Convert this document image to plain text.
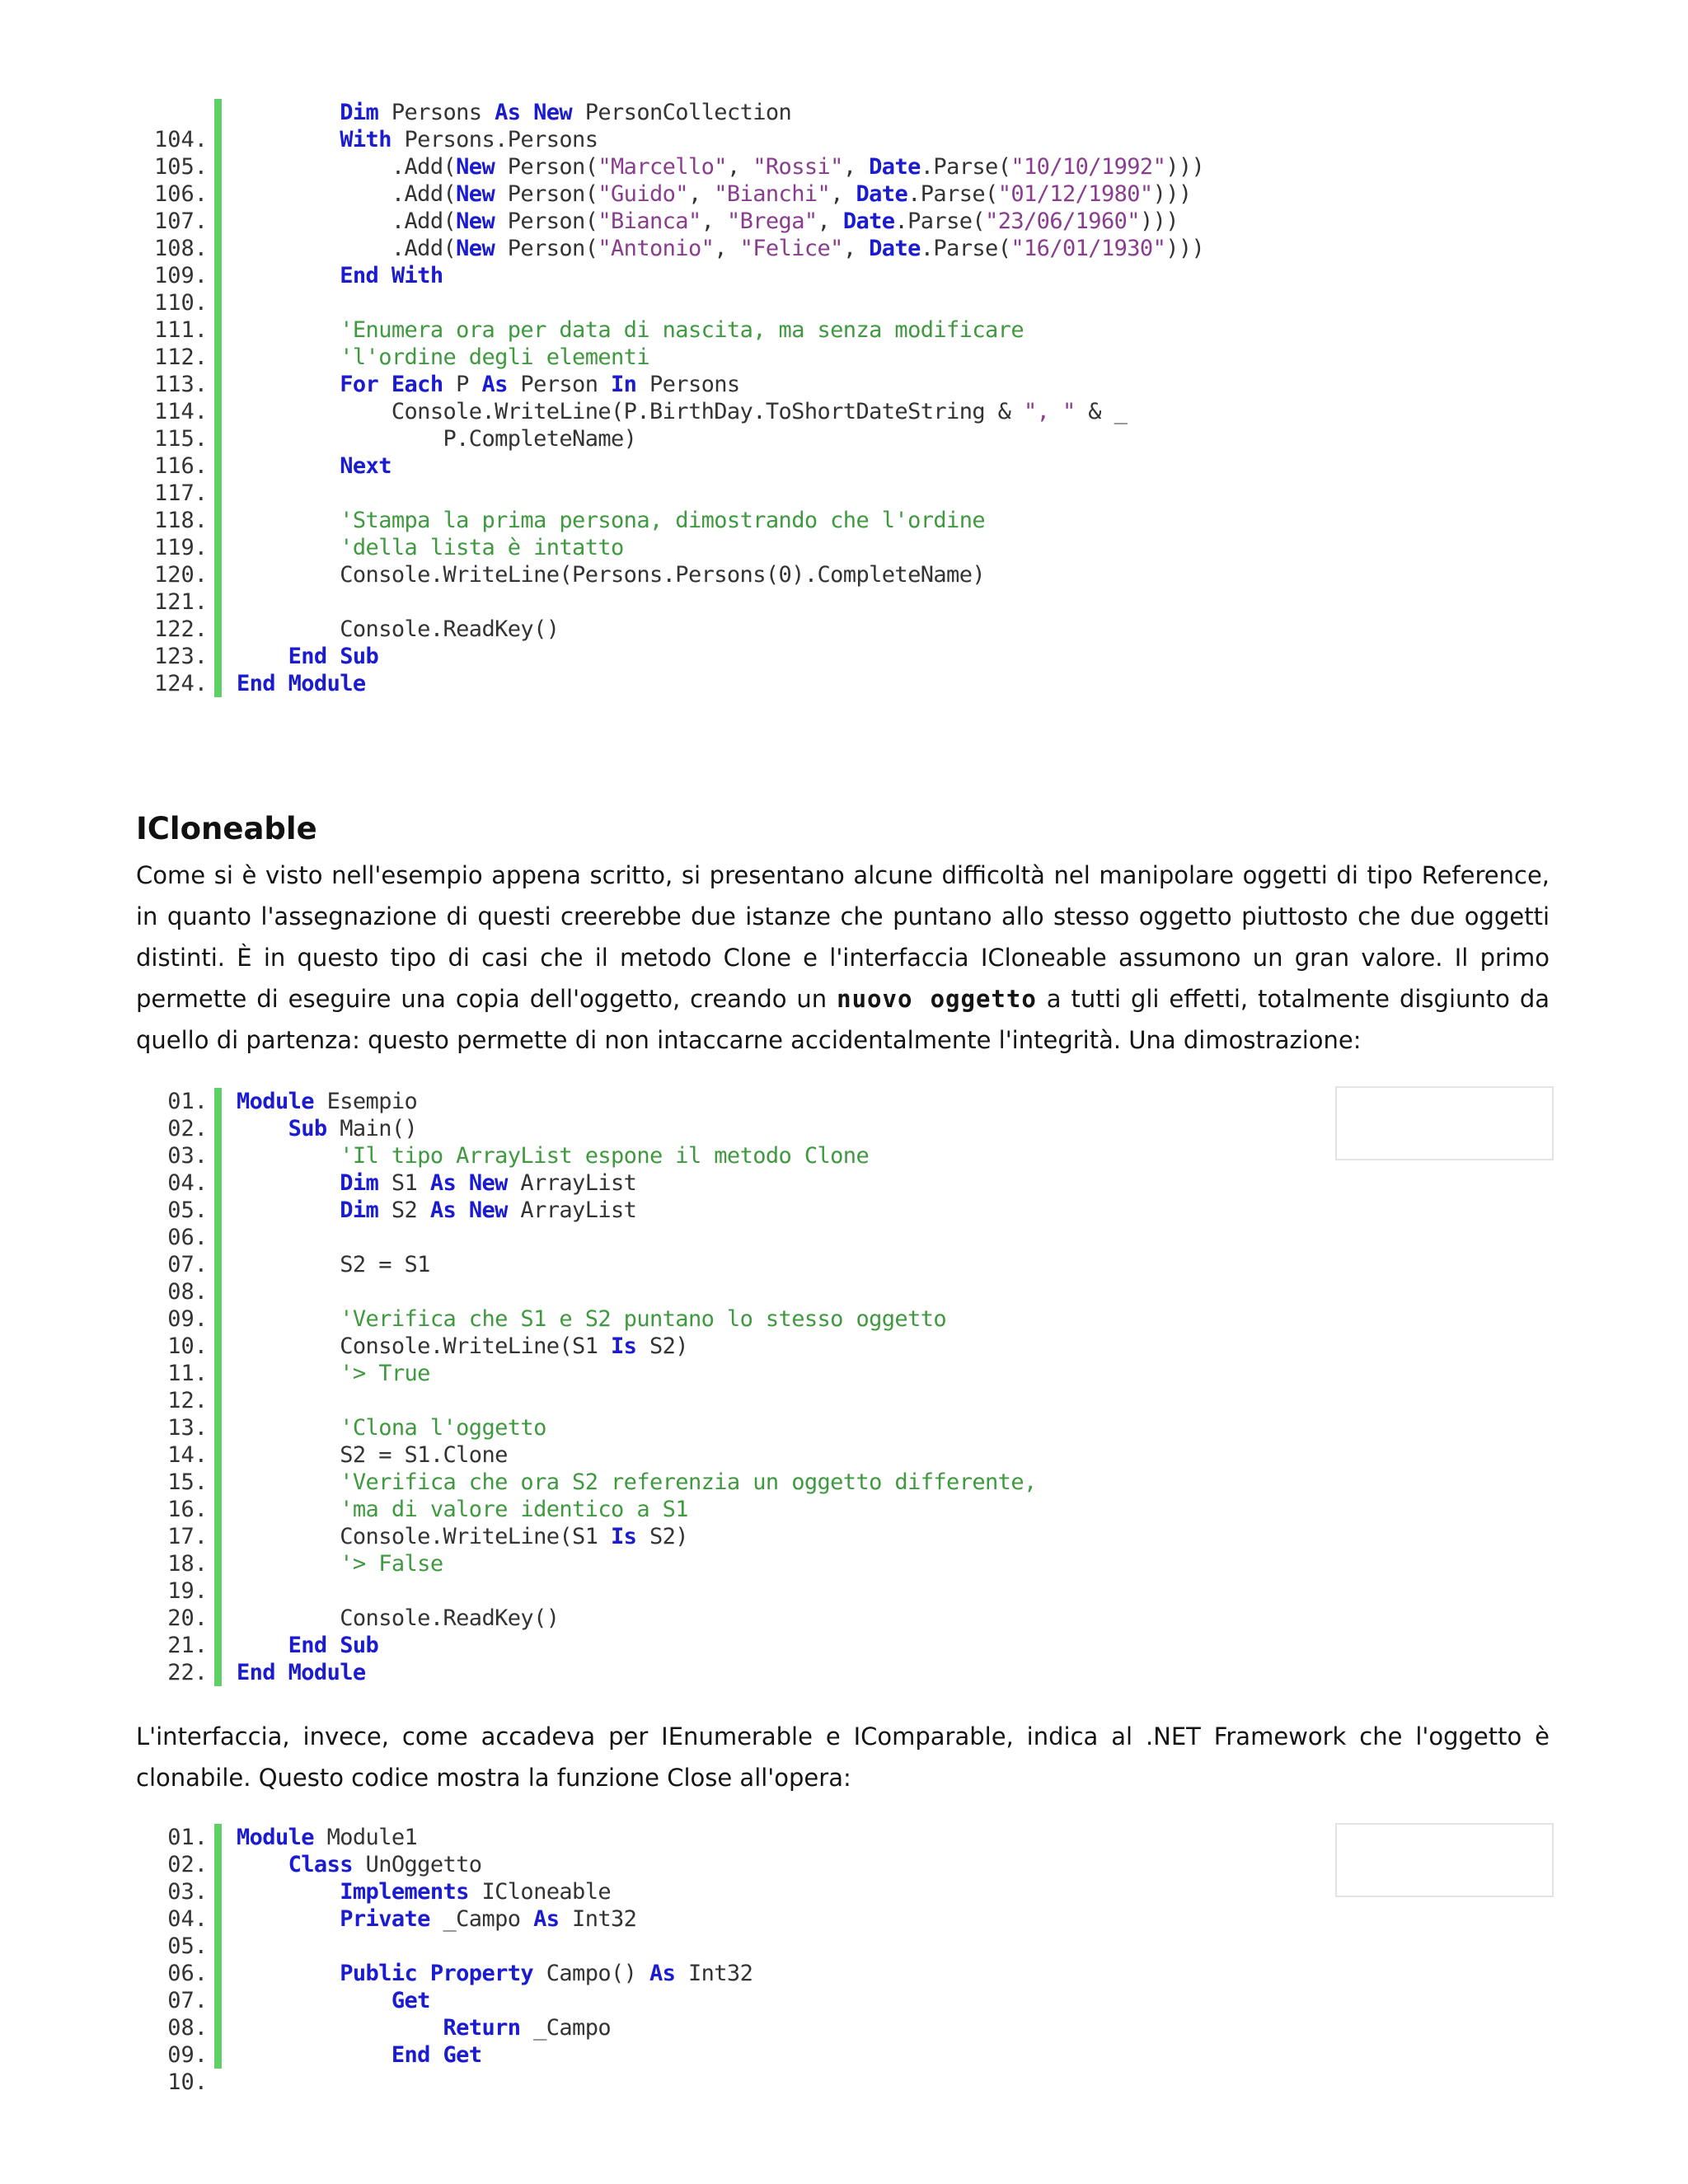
Dim Persons As New PersonCollection
104.	With Persons.Persons
105.	.Add(New Person("Marcello", "Rossi", Date.Parse("10/10/1992")))
106.	.Add(New Person("Guido", "Bianchi", Date.Parse("01/12/1980")))
107.	.Add(New Person("Bianca", "Brega", Date.Parse("23/06/1960")))
108.	.Add(New Person("Antonio", "Felice", Date.Parse("16/01/1930")))
109.	End With
110.
111.	'Enumera ora per data di nascita, ma senza modificare
112.	'l'ordine degli elementi
113.	For Each P As Person In Persons
114.	Console.WriteLine(P.BirthDay.ToShortDateString & ", " & _
115.	P.CompleteName)
116.	Next
117.
118.	'Stampa la prima persona, dimostrando che l'ordine
119.	'della lista è intatto
120.	Console.WriteLine(Persons.Persons(0).CompleteName)
121.
122.	Console.ReadKey()
123.	End Sub
124.	End Module
ICloneable

Come si è visto nell'esempio appena scritto, si presentano alcune difficoltà nel manipolare oggetti di tipo Reference, in quanto l'assegnazione di questi creerebbe due istanze che puntano allo stesso oggetto piuttosto che due oggetti distinti. È in questo tipo di casi che il metodo Clone e l'interfaccia ICloneable assumono un gran valore. Il primo permette di eseguire una copia dell'oggetto, creando un nuovo oggetto a tutti gli effetti, totalmente disgiunto da quello di partenza: questo permette di non intaccarne accidentalmente l'integrità. Una dimostrazione:

01.	Module Esempio
02.	Sub Main()
03.	'Il tipo ArrayList espone il metodo Clone
04.	Dim S1 As New ArrayList
05.	Dim S2 As New ArrayList
06.
07.	S2 = S1
08.
09.	'Verifica che S1 e S2 puntano lo stesso oggetto
10.	Console.WriteLine(S1 Is S2)
11.	'> True
12.
13.	'Clona l'oggetto
14.	S2 = S1.Clone
15.	'Verifica che ora S2 referenzia un oggetto differente,
16.	'ma di valore identico a S1
17.	Console.WriteLine(S1 Is S2)
18.	'> False
19.
20.	Console.ReadKey()
21.	End Sub
22.	End Module

L'interfaccia, invece, come accadeva per IEnumerable e IComparable, indica al .NET Framework che l'oggetto è clonabile. Questo codice mostra la funzione Close all'opera:

01.	Module Module1
02.	Class UnOggetto
03.	Implements ICloneable
04.	Private _Campo As Int32
05.
06.	Public Property Campo() As Int32
07.	Get
08.	Return _Campo
09.	End Get
10.
